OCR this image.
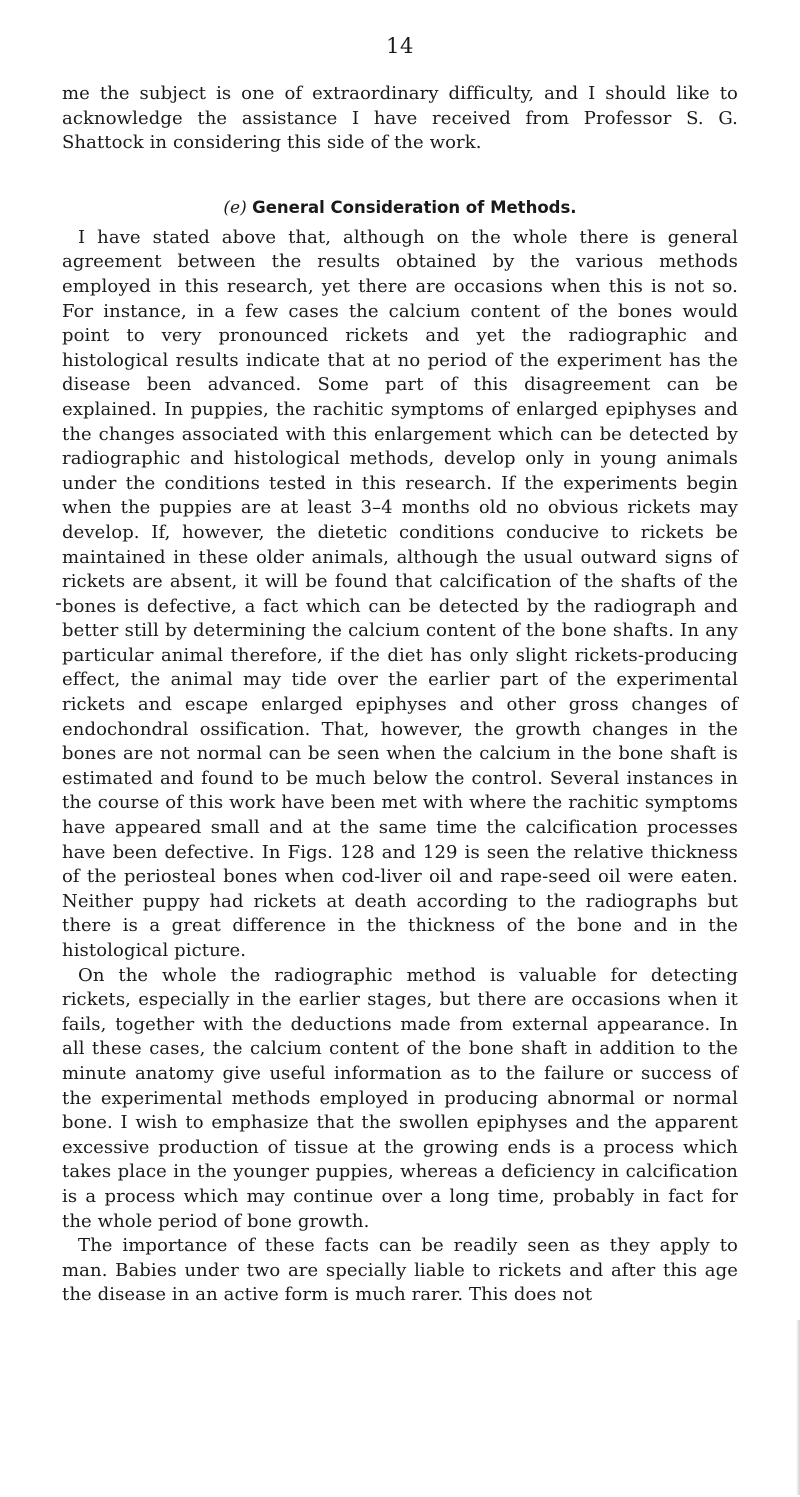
14

me the subject is one of extraordinary difficulty, and I should like to acknowledge the assistance I have received from Professor S. G. Shattock in considering this side of the work.

(e) General Consideration of Methods.

I have stated above that, although on the whole there is general agreement between the results obtained by the various methods employed in this research, yet there are occasions when this is not so. For instance, in a few cases the calcium content of the bones would point to very pronounced rickets and yet the radiographic and histological results indicate that at no period of the experiment has the disease been advanced. Some part of this disagreement can be explained. In puppies, the rachitic symptoms of enlarged epiphyses and the changes associated with this enlargement which can be detected by radiographic and histological methods, develop only in young animals under the conditions tested in this research. If the experiments begin when the puppies are at least 3–4 months old no obvious rickets may develop. If, however, the dietetic conditions conducive to rickets be maintained in these older animals, although the usual outward signs of rickets are absent, it will be found that calcification of the shafts of the bones is defective, a fact which can be detected by the radiograph and better still by determining the calcium content of the bone shafts. In any particular animal therefore, if the diet has only slight rickets-producing effect, the animal may tide over the earlier part of the experimental rickets and escape enlarged epiphyses and other gross changes of endochondral ossification. That, however, the growth changes in the bones are not normal can be seen when the calcium in the bone shaft is estimated and found to be much below the control. Several instances in the course of this work have been met with where the rachitic symptoms have appeared small and at the same time the calcification processes have been defective. In Figs. 128 and 129 is seen the relative thickness of the periosteal bones when cod-liver oil and rape-seed oil were eaten. Neither puppy had rickets at death according to the radiographs but there is a great difference in the thickness of the bone and in the histological picture.

On the whole the radiographic method is valuable for detecting rickets, especially in the earlier stages, but there are occasions when it fails, together with the deductions made from external appearance. In all these cases, the calcium content of the bone shaft in addition to the minute anatomy give useful information as to the failure or success of the experimental methods employed in producing abnormal or normal bone. I wish to emphasize that the swollen epiphyses and the apparent excessive production of tissue at the growing ends is a process which takes place in the younger puppies, whereas a deficiency in calcification is a process which may continue over a long time, probably in fact for the whole period of bone growth.

The importance of these facts can be readily seen as they apply to man. Babies under two are specially liable to rickets and after this age the disease in an active form is much rarer. This does not
